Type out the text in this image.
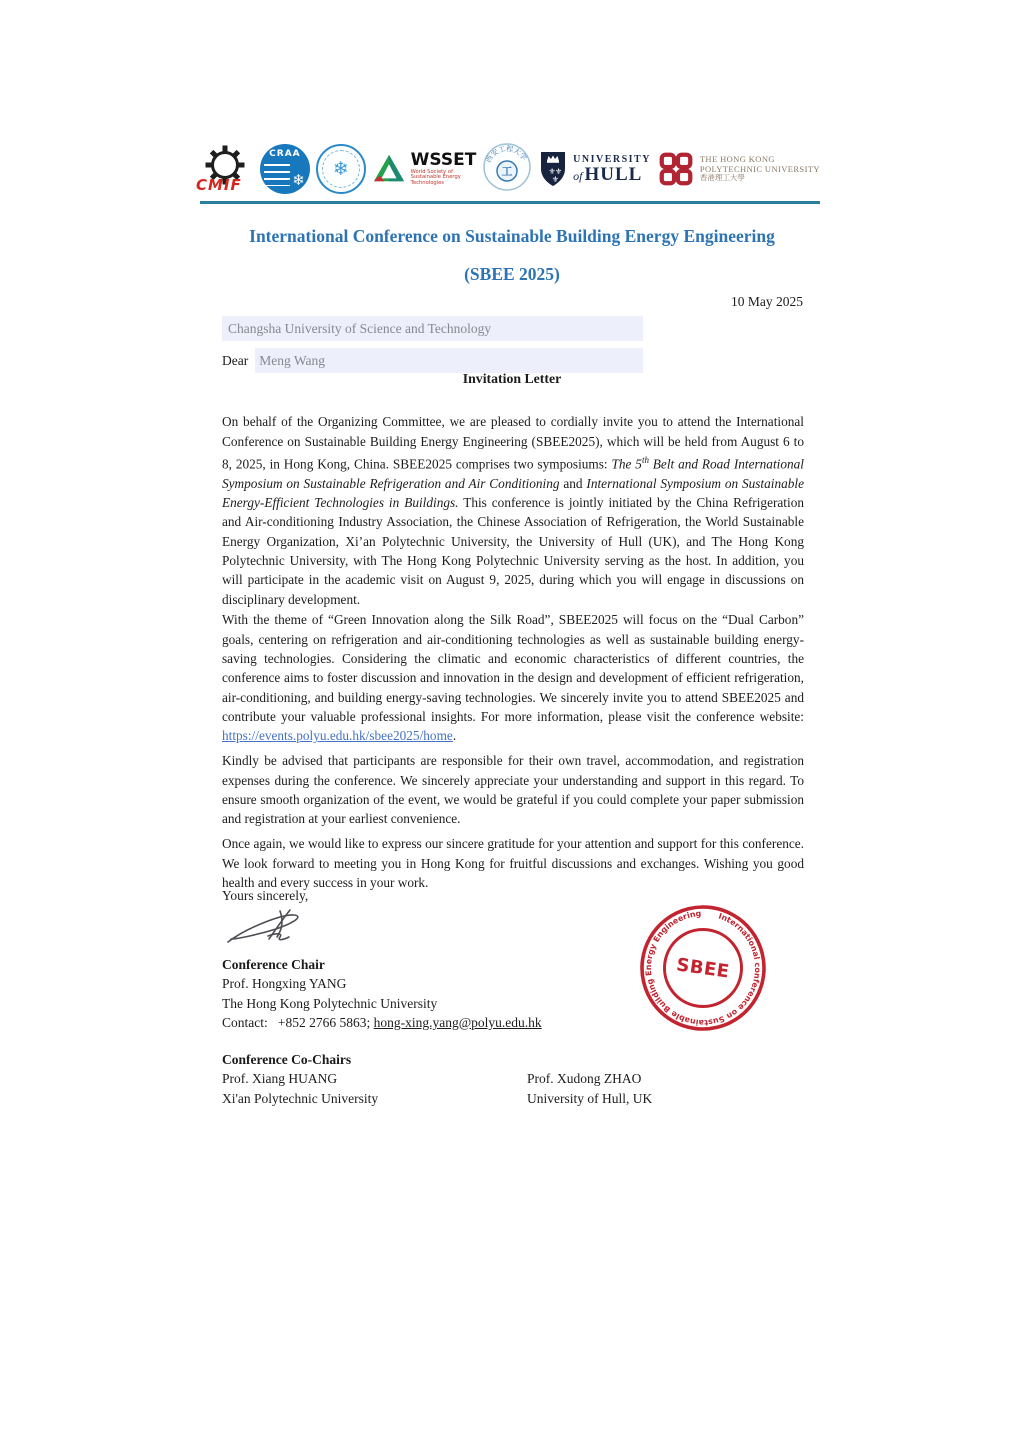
CMIF
CRAA
❄
❄	WSSET
World Society of Sustainable Energy Technologies
西安工程大学
工	⚜ ⚜
⚜
UNIVERSITY
of HULL
THE HONG KONG
POLYTECHNIC UNIVERSITY
香港理工大學
International Conference on Sustainable Building Energy Engineering
(SBEE 2025)
10 May 2025
Changsha University of Science and Technology
Dear Meng Wang
Invitation Letter

On behalf of the Organizing Committee, we are pleased to cordially invite you to attend the International Conference on Sustainable Building Energy Engineering (SBEE2025), which will be held from August 6 to 8, 2025, in Hong Kong, China. SBEE2025 comprises two symposiums: The 5th Belt and Road International Symposium on Sustainable Refrigeration and Air Conditioning and International Symposium on Sustainable Energy-Efficient Technologies in Buildings. This conference is jointly initiated by the China Refrigeration and Air-conditioning Industry Association, the Chinese Association of Refrigeration, the World Sustainable Energy Organization, Xi’an Polytechnic University, the University of Hull (UK), and The Hong Kong Polytechnic University, with The Hong Kong Polytechnic University serving as the host. In addition, you will participate in the academic visit on August 9, 2025, during which you will engage in discussions on disciplinary development.

With the theme of “Green Innovation along the Silk Road”, SBEE2025 will focus on the “Dual Carbon” goals, centering on refrigeration and air-conditioning technologies as well as sustainable building energy-saving technologies. Considering the climatic and economic characteristics of different countries, the conference aims to foster discussion and innovation in the design and development of efficient refrigeration, air-conditioning, and building energy-saving technologies. We sincerely invite you to attend SBEE2025 and contribute your valuable professional insights. For more information, please visit the conference website: https://events.polyu.edu.hk/sbee2025/home.

Kindly be advised that participants are responsible for their own travel, accommodation, and registration expenses during the conference. We sincerely appreciate your understanding and support in this regard. To ensure smooth organization of the event, we would be grateful if you could complete your paper submission and registration at your earliest convenience.

Once again, we would like to express our sincere gratitude for your attention and support for this conference. We look forward to meeting you in Hong Kong for fruitful discussions and exchanges. Wishing you good health and every success in your work.

Yours sincerely,
Conference Chair
Prof. Hongxing YANG
The Hong Kong Polytechnic University
Contact: +852 2766 5863; hong-xing.yang@polyu.edu.hk
International conference on Sustainable Building Energy Engineering
SBEE
Conference Co-Chairs
Prof. Xiang HUANG
Xi'an Polytechnic University
Prof. Xudong ZHAO
University of Hull, UK
